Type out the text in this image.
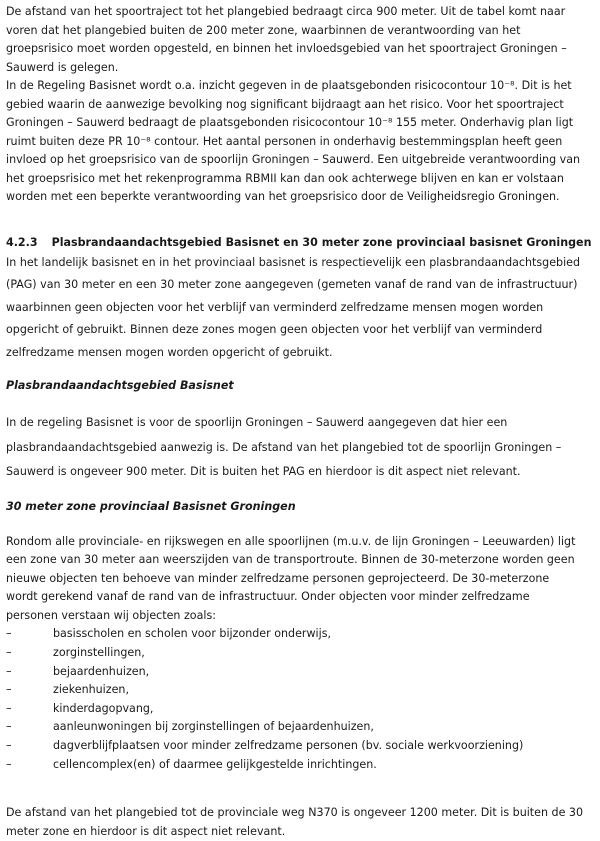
De afstand van het spoortraject tot het plangebied bedraagt circa 900 meter. Uit de tabel komt naar
voren dat het plangebied buiten de 200 meter zone, waarbinnen de verantwoording van het
groepsrisico moet worden opgesteld, en binnen het invloedsgebied van het spoortraject Groningen –
Sauwerd is gelegen.
In de Regeling Basisnet wordt o.a. inzicht gegeven in de plaatsgebonden risicocontour 10⁻⁸. Dit is het
gebied waarin de aanwezige bevolking nog significant bijdraagt aan het risico. Voor het spoortraject
Groningen – Sauwerd bedraagt de plaatsgebonden risicocontour 10⁻⁸ 155 meter. Onderhavig plan ligt
ruimt buiten deze PR 10⁻⁸ contour. Het aantal personen in onderhavig bestemmingsplan heeft geen
invloed op het groepsrisico van de spoorlijn Groningen – Sauwerd. Een uitgebreide verantwoording van
het groepsrisico met het rekenprogramma RBMII kan dan ook achterwege blijven en kan er volstaan
worden met een beperkte verantwoording van het groepsrisico door de Veiligheidsregio Groningen.

4.2.3 Plasbrandaandachtsgebied Basisnet en 30 meter zone provinciaal basisnet Groningen

In het landelijk basisnet en in het provinciaal basisnet is respectievelijk een plasbrandaandachtsgebied
(PAG) van 30 meter en een 30 meter zone aangegeven (gemeten vanaf de rand van de infrastructuur)
waarbinnen geen objecten voor het verblijf van verminderd zelfredzame mensen mogen worden
opgericht of gebruikt. Binnen deze zones mogen geen objecten voor het verblijf van verminderd
zelfredzame mensen mogen worden opgericht of gebruikt.

Plasbrandaandachtsgebied Basisnet

In de regeling Basisnet is voor de spoorlijn Groningen – Sauwerd aangegeven dat hier een
plasbrandaandachtsgebied aanwezig is. De afstand van het plangebied tot de spoorlijn Groningen –
Sauwerd is ongeveer 900 meter. Dit is buiten het PAG en hierdoor is dit aspect niet relevant.

30 meter zone provinciaal Basisnet Groningen

Rondom alle provinciale- en rijkswegen en alle spoorlijnen (m.u.v. de lijn Groningen – Leeuwarden) ligt
een zone van 30 meter aan weerszijden van de transportroute. Binnen de 30-meterzone worden geen
nieuwe objecten ten behoeve van minder zelfredzame personen geprojecteerd. De 30-meterzone
wordt gerekend vanaf de rand van de infrastructuur. Onder objecten voor minder zelfredzame
personen verstaan wij objecten zoals:

–	basisscholen en scholen voor bijzonder onderwijs,
–	zorginstellingen,
–	bejaardenhuizen,
–	ziekenhuizen,
–	kinderdagopvang,
–	aanleunwoningen bij zorginstellingen of bejaardenhuizen,
–	dagverblijfplaatsen voor minder zelfredzame personen (bv. sociale werkvoorziening)
–	cellencomplex(en) of daarmee gelijkgestelde inrichtingen.

De afstand van het plangebied tot de provinciale weg N370 is ongeveer 1200 meter. Dit is buiten de 30
meter zone en hierdoor is dit aspect niet relevant.
